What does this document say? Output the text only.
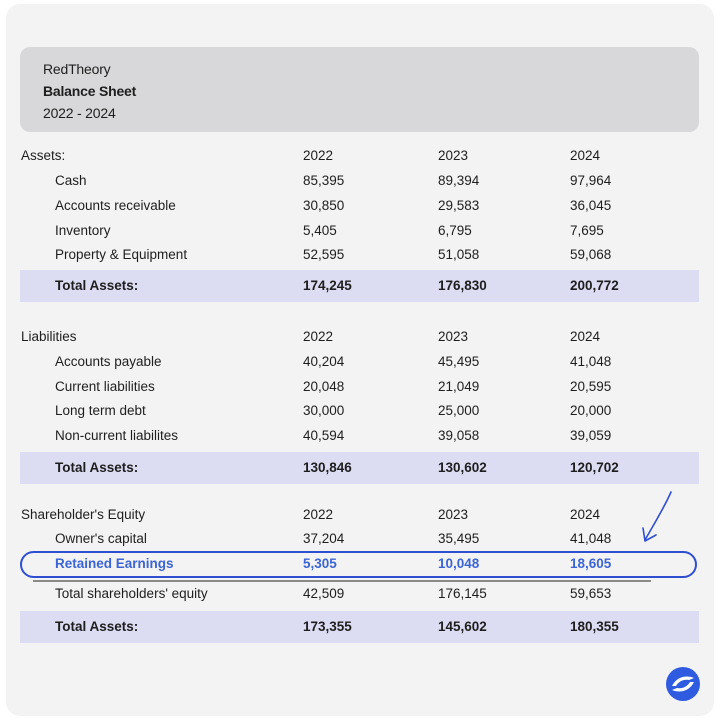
RedTheory
Balance Sheet
2022 - 2024
Assets:	2022	2023	2024
Cash	85,395	89,394	97,964
Accounts receivable	30,850	29,583	36,045
Inventory	5,405	6,795	7,695
Property & Equipment	52,595	51,058	59,068
Total Assets:	174,245	176,830	200,772
Liabilities	2022	2023	2024
Accounts payable	40,204	45,495	41,048
Current liabilities	20,048	21,049	20,595
Long term debt	30,000	25,000	20,000
Non-current liabilites	40,594	39,058	39,059
Total Assets:	130,846	130,602	120,702
Shareholder's Equity	2022	2023	2024
Owner's capital	37,204	35,495	41,048
Retained Earnings	5,305	10,048	18,605
Total shareholders' equity	42,509	176,145	59,653
Total Assets:	173,355	145,602	180,355
